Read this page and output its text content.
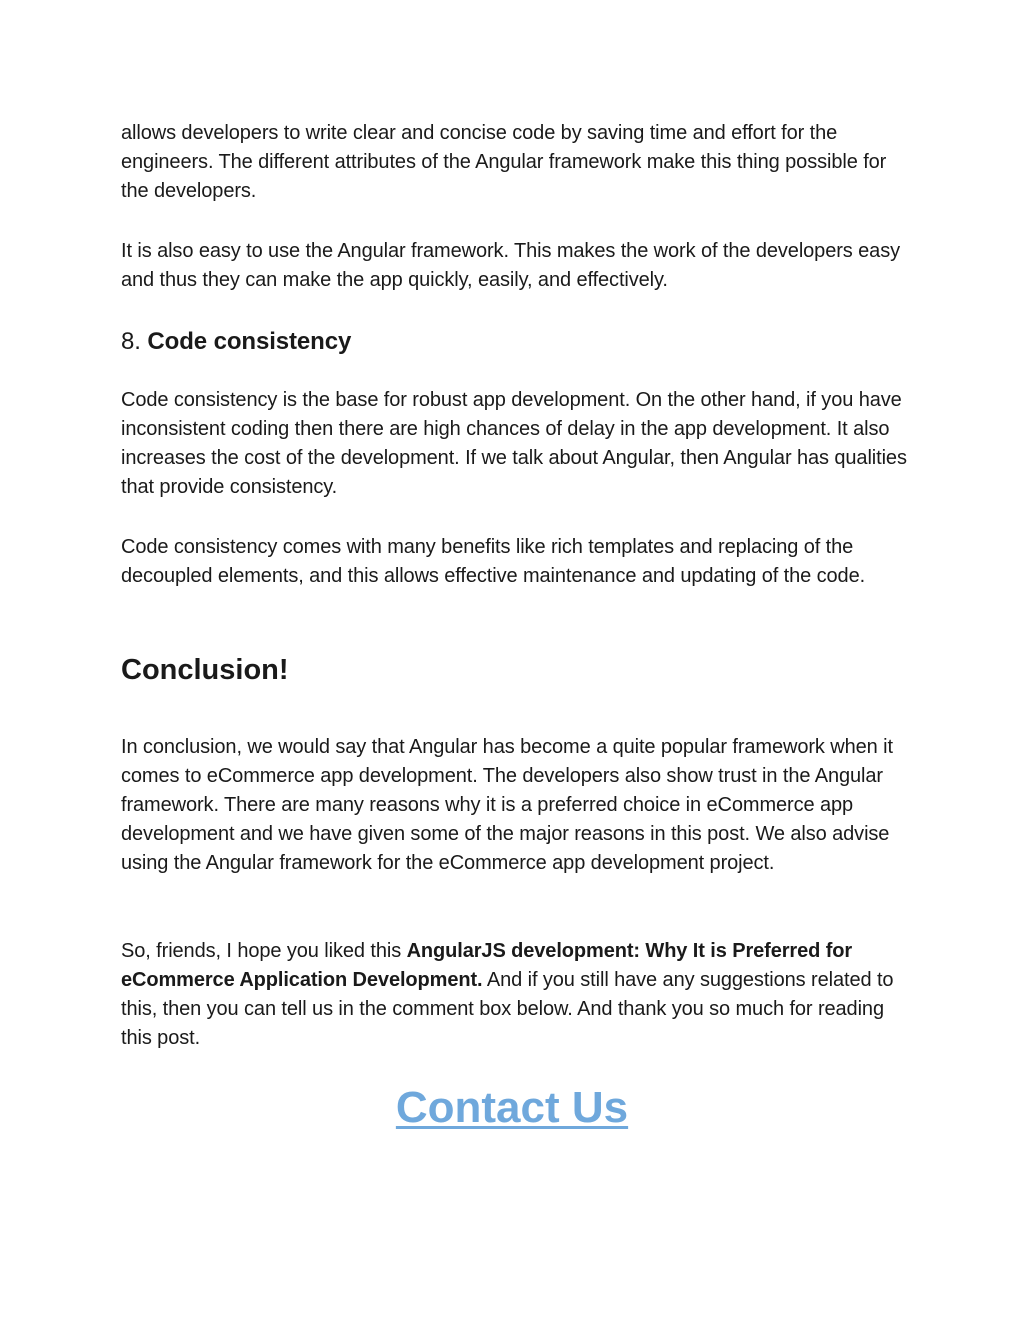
allows developers to write clear and concise code by saving time and effort for the engineers. The different attributes of the Angular framework make this thing possible for the developers.

It is also easy to use the Angular framework. This makes the work of the developers easy and thus they can make the app quickly, easily, and effectively.

8. Code consistency

Code consistency is the base for robust app development. On the other hand, if you have inconsistent coding then there are high chances of delay in the app development. It also increases the cost of the development. If we talk about Angular, then Angular has qualities that provide consistency.

Code consistency comes with many benefits like rich templates and replacing of the decoupled elements, and this allows effective maintenance and updating of the code.

Conclusion!

In conclusion, we would say that Angular has become a quite popular framework when it comes to eCommerce app development. The developers also show trust in the Angular framework. There are many reasons why it is a preferred choice in eCommerce app development and we have given some of the major reasons in this post. We also advise using the Angular framework for the eCommerce app development project.

So, friends, I hope you liked this AngularJS development: Why It is Preferred for eCommerce Application Development. And if you still have any suggestions related to this, then you can tell us in the comment box below. And thank you so much for reading this post.

Contact Us
